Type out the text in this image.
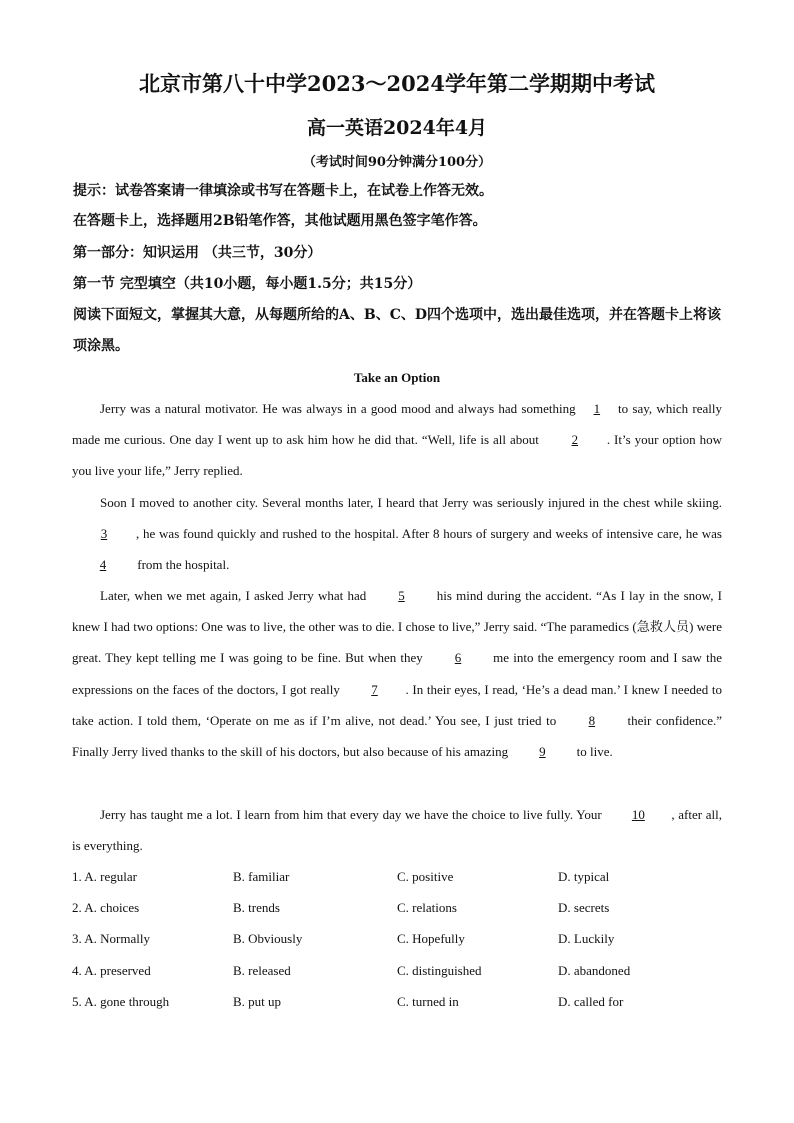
北京市第八十中学2023～2024学年第二学期期中考试
高一英语2024年4月
（考试时间90分钟满分100分）
提示：试卷答案请一律填涂或书写在答题卡上，在试卷上作答无效。
在答题卡上，选择题用2B铅笔作答，其他试题用黑色签字笔作答。
第一部分：知识运用 （共三节，30分）
第一节 完型填空（共10小题，每小题1.5分；共15分）
阅读下面短文，掌握其大意，从每题所给的A、B、C、D四个选项中，选出最佳选项，并在答题卡上将该项涂黑。
Take an Option
Jerry was a natural motivator. He was always in a good mood and always had something 1 to say, which really made me curious. One day I went up to ask him how he did that. “Well, life is all about 2 . It’s your option how you live your life,” Jerry replied.
Soon I moved to another city. Several months later, I heard that Jerry was seriously injured in the chest while skiing. 3 , he was found quickly and rushed to the hospital. After 8 hours of surgery and weeks of intensive care, he was 4 from the hospital.
Later, when we met again, I asked Jerry what had 5 his mind during the accident. “As I lay in the snow, I knew I had two options: One was to live, the other was to die. I chose to live,” Jerry said. “The paramedics (急救人员) were great. They kept telling me I was going to be fine. But when they 6 me into the emergency room and I saw the expressions on the faces of the doctors, I got really 7 . In their eyes, I read, ‘He’s a dead man.’ I knew I needed to take action. I told them, ‘Operate on me as if I’m alive, not dead.’ You see, I just tried to 8 their confidence.” Finally Jerry lived thanks to the skill of his doctors, but also because of his amazing 9 to live.
Jerry has taught me a lot. I learn from him that every day we have the choice to live fully. Your 10 , after all, is everything.
1. A. regular	B. familiar	C. positive	D. typical
2. A. choices	B. trends	C. relations	D. secrets
3. A. Normally	B. Obviously	C. Hopefully	D. Luckily
4. A. preserved	B. released	C. distinguished	D. abandoned
5. A. gone through	B. put up	C. turned in	D. called for
